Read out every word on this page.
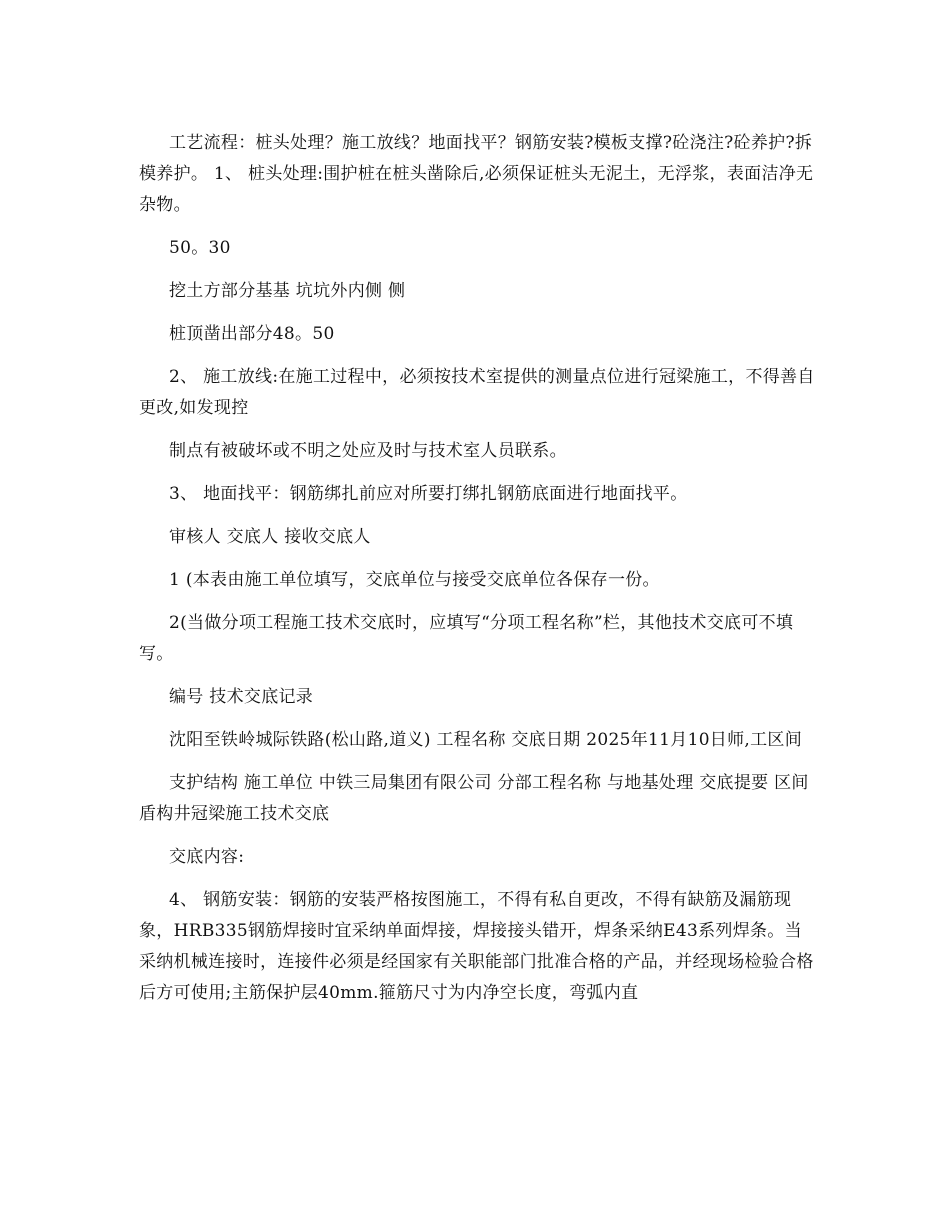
工艺流程：桩头处理？施工放线？地面找平？钢筋安装?模板支撑?砼浇注?砼养护?拆模养护。 1、 桩头处理:围护桩在桩头凿除后,必须保证桩头无泥土，无浮浆，表面洁净无杂物。

50。30

挖土方部分基基 坑坑外内侧 侧

桩顶凿出部分48。50

2、 施工放线:在施工过程中，必须按技术室提供的测量点位进行冠梁施工，不得善自更改,如发现控

制点有被破坏或不明之处应及时与技术室人员联系。

3、 地面找平：钢筋绑扎前应对所要打绑扎钢筋底面进行地面找平。

审核人 交底人 接收交底人

1 (本表由施工单位填写，交底单位与接受交底单位各保存一份。

2(当做分项工程施工技术交底时，应填写“分项工程名称”栏，其他技术交底可不填写。

编号 技术交底记录

沈阳至铁岭城际铁路(松山路,道义) 工程名称 交底日期 2025年11月10日师,工区间

支护结构 施工单位 中铁三局集团有限公司 分部工程名称 与地基处理 交底提要 区间盾构井冠梁施工技术交底

交底内容:

4、 钢筋安装：钢筋的安装严格按图施工，不得有私自更改，不得有缺筋及漏筋现象，HRB335钢筋焊接时宜采纳单面焊接，焊接接头错开，焊条采纳E43系列焊条。当采纳机械连接时，连接件必须是经国家有关职能部门批准合格的产品，并经现场检验合格后方可使用;主筋保护层40mm.箍筋尺寸为内净空长度，弯弧内直
